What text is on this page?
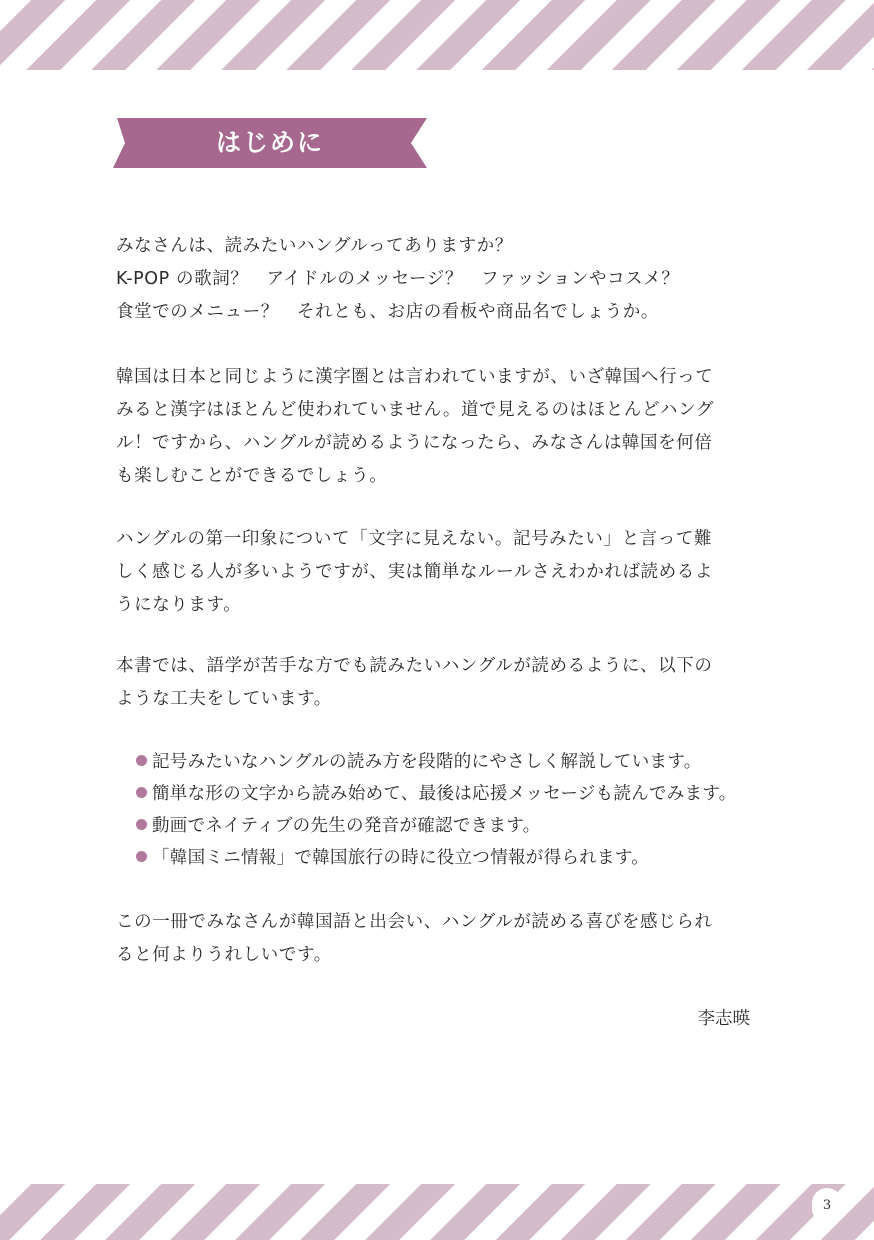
はじめに
みなさんは、読みたいハングルってありますか？
K-POP の歌詞？　アイドルのメッセージ？　ファッションやコスメ？
食堂でのメニュー？　それとも、お店の看板や商品名でしょうか。
韓国は日本と同じように漢字圏とは言われていますが、いざ韓国へ行って
みると漢字はほとんど使われていません。道で見えるのはほとんどハング
ル！ですから、ハングルが読めるようになったら、みなさんは韓国を何倍
も楽しむことができるでしょう。
ハングルの第一印象について「文字に見えない。記号みたい」と言って難
しく感じる人が多いようですが、実は簡単なルールさえわかれば読めるよ
うになります。
本書では、語学が苦手な方でも読みたいハングルが読めるように、以下の
ような工夫をしています。
記号みたいなハングルの読み方を段階的にやさしく解説しています。
簡単な形の文字から読み始めて、最後は応援メッセージも読んでみます。
動画でネイティブの先生の発音が確認できます。
「韓国ミニ情報」で韓国旅行の時に役立つ情報が得られます。
この一冊でみなさんが韓国語と出会い、ハングルが読める喜びを感じられ
ると何よりうれしいです。
李志暎
3
